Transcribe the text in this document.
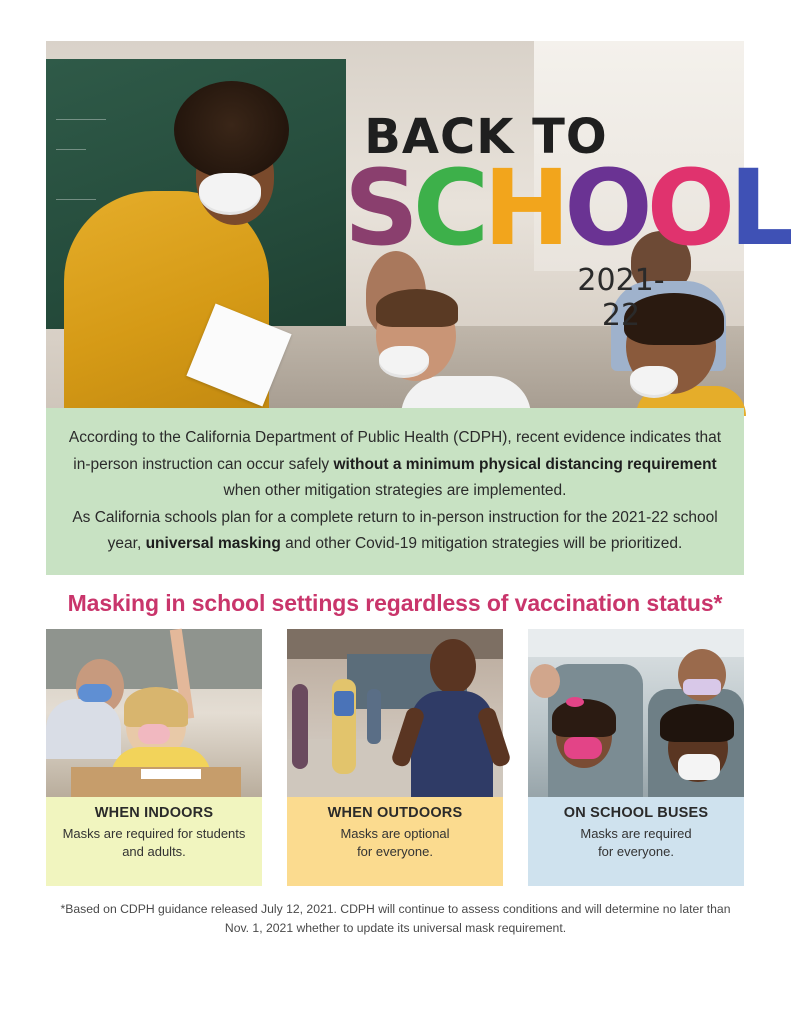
BACK TO
S C H O O L
2021-22

According to the California Department of Public Health (CDPH), recent evidence indicates that in-person instruction can occur safely without a minimum physical distancing requirement when other mitigation strategies are implemented.

As California schools plan for a complete return to in-person instruction for the 2021-22 school year, universal masking and other Covid-19 mitigation strategies will be prioritized.

Masking in school settings regardless of vaccination status*
WHEN INDOORS
Masks are required for students and adults.
WHEN OUTDOORS
Masks are optional for everyone.
ON SCHOOL BUSES
Masks are required for everyone.
*Based on CDPH guidance released July 12, 2021. CDPH will continue to assess conditions and will determine no later than Nov. 1, 2021 whether to update its universal mask requirement.
